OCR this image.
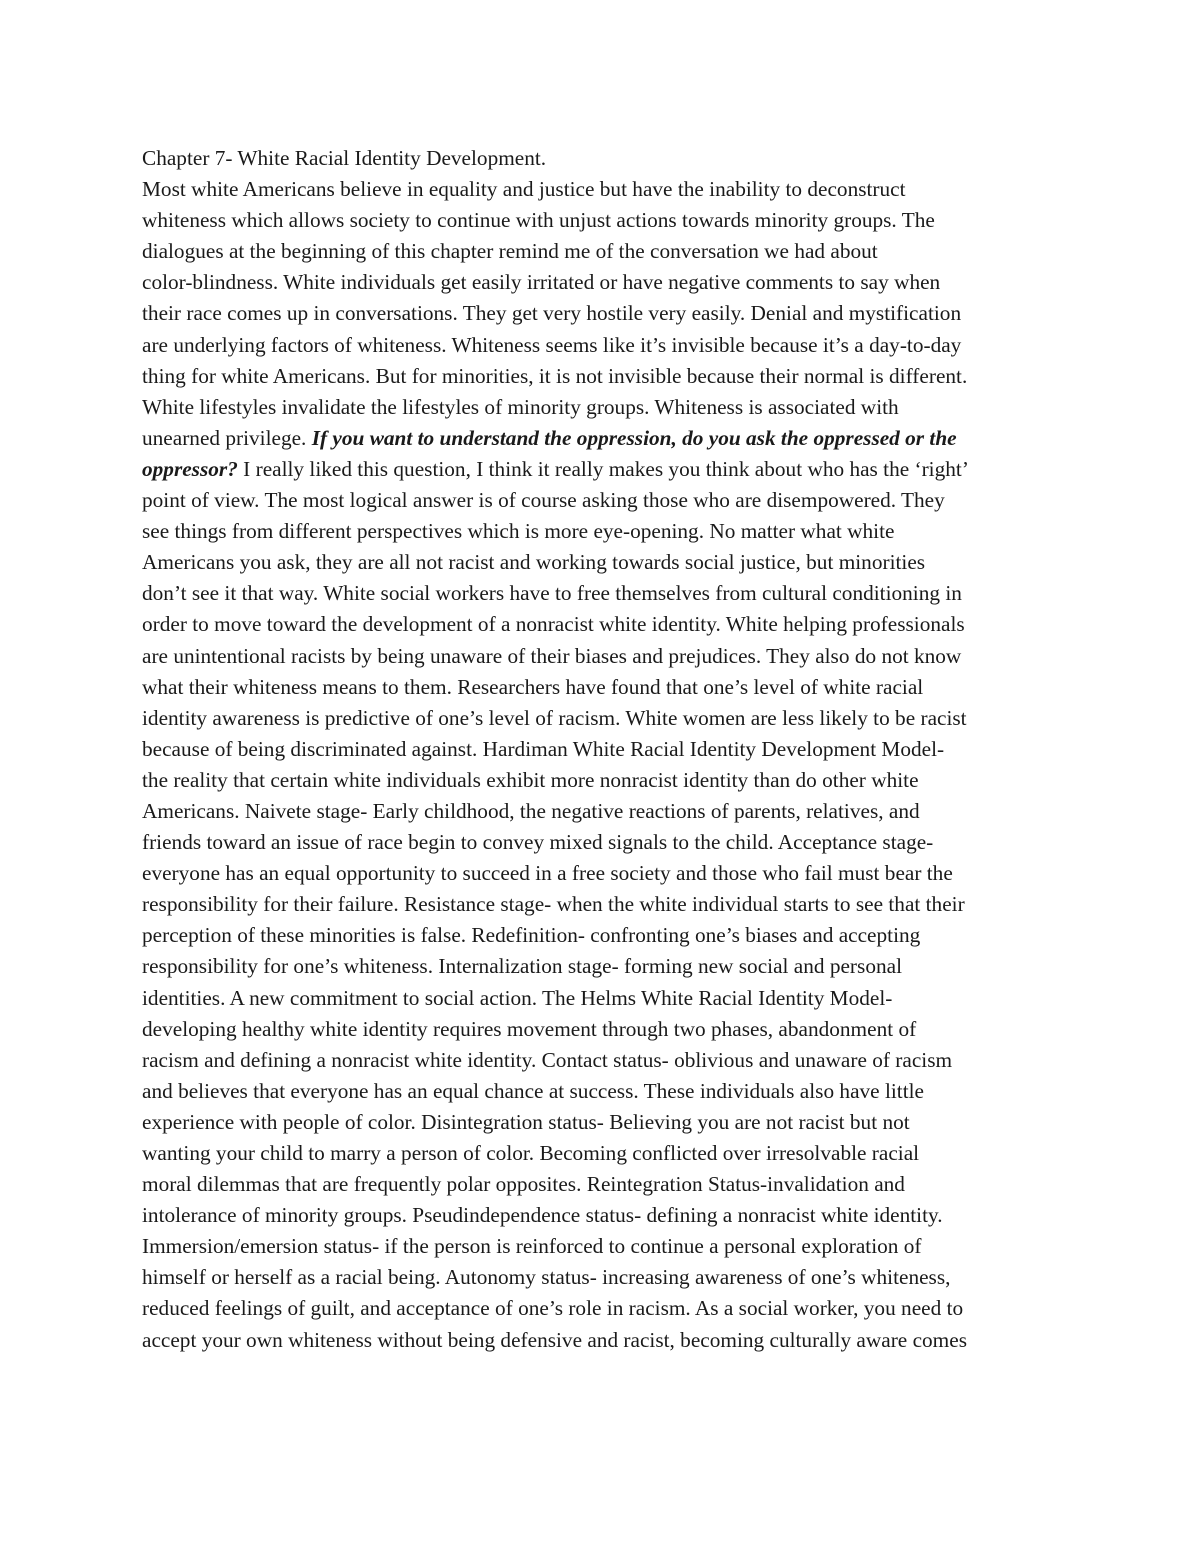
Chapter 7- White Racial Identity Development.
Most white Americans believe in equality and justice but have the inability to deconstruct
whiteness which allows society to continue with unjust actions towards minority groups. The
dialogues at the beginning of this chapter remind me of the conversation we had about
color-blindness. White individuals get easily irritated or have negative comments to say when
their race comes up in conversations. They get very hostile very easily. Denial and mystification
are underlying factors of whiteness. Whiteness seems like it’s invisible because it’s a day-to-day
thing for white Americans. But for minorities, it is not invisible because their normal is different.
White lifestyles invalidate the lifestyles of minority groups. Whiteness is associated with
unearned privilege. If you want to understand the oppression, do you ask the oppressed or the
oppressor? I really liked this question, I think it really makes you think about who has the ‘right’
point of view. The most logical answer is of course asking those who are disempowered. They
see things from different perspectives which is more eye-opening. No matter what white
Americans you ask, they are all not racist and working towards social justice, but minorities
don’t see it that way. White social workers have to free themselves from cultural conditioning in
order to move toward the development of a nonracist white identity. White helping professionals
are unintentional racists by being unaware of their biases and prejudices. They also do not know
what their whiteness means to them. Researchers have found that one’s level of white racial
identity awareness is predictive of one’s level of racism. White women are less likely to be racist
because of being discriminated against. Hardiman White Racial Identity Development Model-
the reality that certain white individuals exhibit more nonracist identity than do other white
Americans. Naivete stage- Early childhood, the negative reactions of parents, relatives, and
friends toward an issue of race begin to convey mixed signals to the child. Acceptance stage-
everyone has an equal opportunity to succeed in a free society and those who fail must bear the
responsibility for their failure. Resistance stage- when the white individual starts to see that their
perception of these minorities is false. Redefinition- confronting one’s biases and accepting
responsibility for one’s whiteness. Internalization stage- forming new social and personal
identities. A new commitment to social action. The Helms White Racial Identity Model-
developing healthy white identity requires movement through two phases, abandonment of
racism and defining a nonracist white identity. Contact status- oblivious and unaware of racism
and believes that everyone has an equal chance at success. These individuals also have little
experience with people of color. Disintegration status- Believing you are not racist but not
wanting your child to marry a person of color. Becoming conflicted over irresolvable racial
moral dilemmas that are frequently polar opposites. Reintegration Status-invalidation and
intolerance of minority groups. Pseudindependence status- defining a nonracist white identity.
Immersion/emersion status- if the person is reinforced to continue a personal exploration of
himself or herself as a racial being. Autonomy status- increasing awareness of one’s whiteness,
reduced feelings of guilt, and acceptance of one’s role in racism. As a social worker, you need to
accept your own whiteness without being defensive and racist, becoming culturally aware comes
